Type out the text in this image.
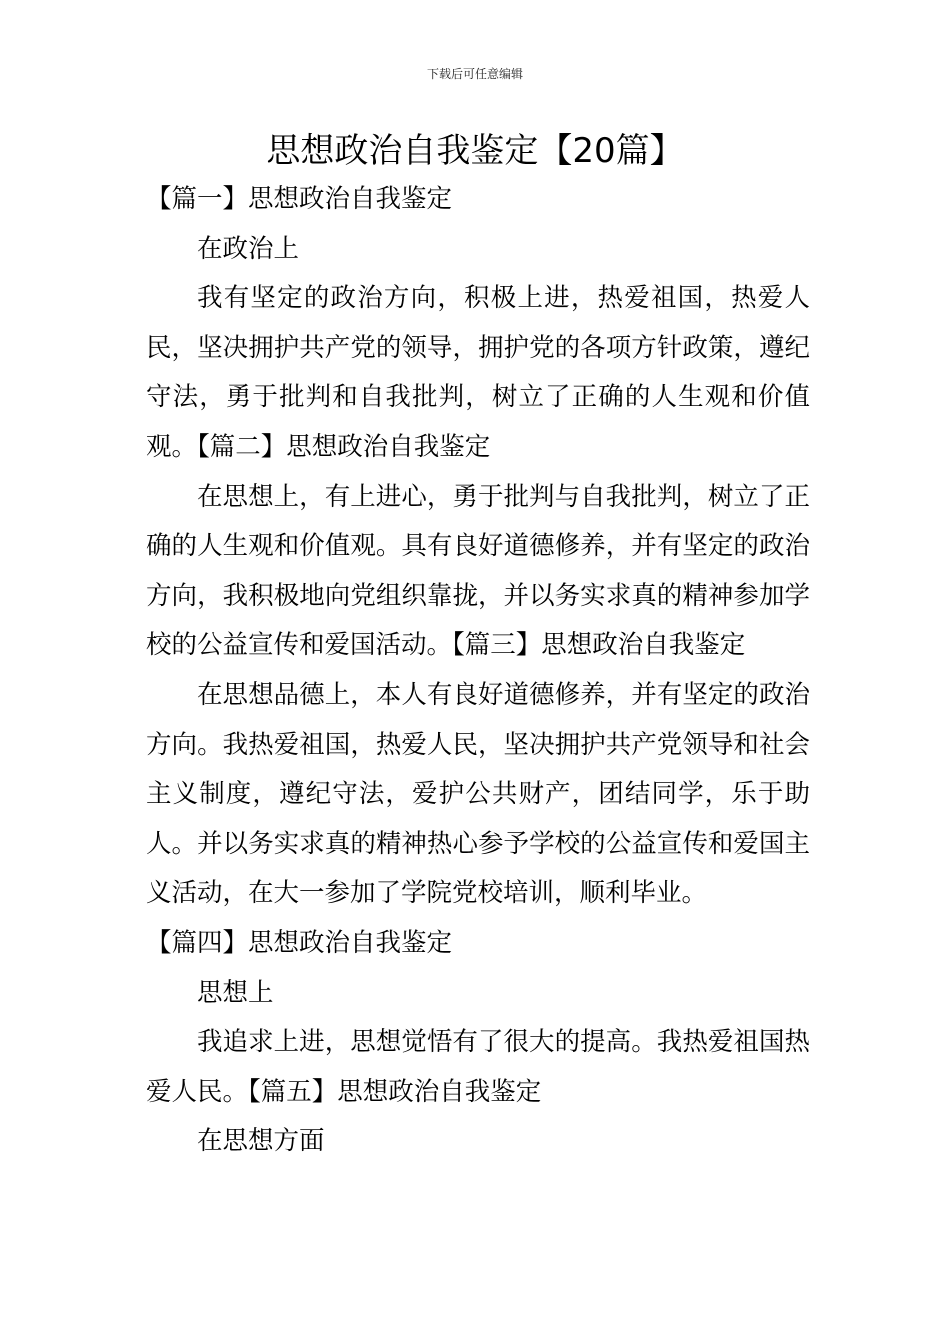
下载后可任意编辑
思想政治自我鉴定【20篇】

【篇一】思想政治自我鉴定

在政治上

我有坚定的政治方向，积极上进，热爱祖国，热爱人民，坚决拥护共产党的领导，拥护党的各项方针政策，遵纪守法，勇于批判和自我批判，树立了正确的人生观和价值观。【篇二】思想政治自我鉴定

在思想上，有上进心，勇于批判与自我批判，树立了正确的人生观和价值观。具有良好道德修养，并有坚定的政治方向，我积极地向党组织靠拢，并以务实求真的精神参加学校的公益宣传和爱国活动。【篇三】思想政治自我鉴定

在思想品德上，本人有良好道德修养，并有坚定的政治方向。我热爱祖国，热爱人民，坚决拥护共产党领导和社会主义制度，遵纪守法，爱护公共财产，团结同学，乐于助人。并以务实求真的精神热心参予学校的公益宣传和爱国主义活动，在大一参加了学院党校培训，顺利毕业。

【篇四】思想政治自我鉴定

思想上

我追求上进，思想觉悟有了很大的提高。我热爱祖国热爱人民。【篇五】思想政治自我鉴定

在思想方面
